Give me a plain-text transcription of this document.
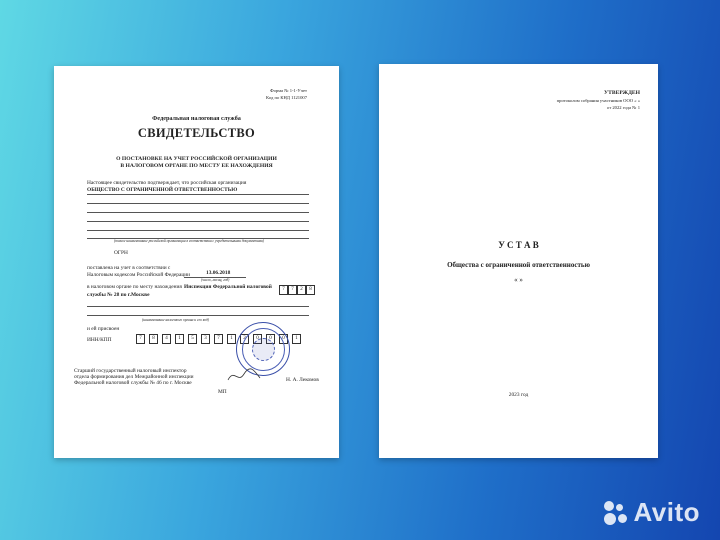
Форма № 1-1-Учет
Код по КНД 1121007
Федеральная налоговая служба
СВИДЕТЕЛЬСТВО
О ПОСТАНОВКЕ НА УЧЕТ РОССИЙСКОЙ ОРГАНИЗАЦИИ
В НАЛОГОВОМ ОРГАНЕ ПО МЕСТУ ЕЕ НАХОЖДЕНИЯ
Настоящее свидетельство подтверждает, что российская организация
ОБЩЕСТВО С ОГРАНИЧЕННОЙ ОТВЕТСТВЕННОСТЬЮ
(полное наименование российской организации в соответствии с учредительными документами)
ОГРН
поставлена на учет в соответствии с
Налоговым кодексом Российской Федерации	13.06.2018
(число, месяц, год)
в налоговом органе по месту нахождения Инспекция Федеральной налоговой
службы № 28 по г.Москве
7	7	2	8
(наименование налогового органа и его код)
и ей присвоен
ИНН/КПП	7	8	4	1	5	3	7	1	2	0	0	0	1
Старший государственный налоговый инспектор
отдела формирования дел Межрайонной инспекции
Федеральной налоговой службы № 46 по г. Москве	Н. А. Лекомов
МП
УТВЕРЖДЕН
протоколом собрания участников ООО « »
от 2022 года № 1
У С Т А В
Общества с ограниченной ответственностью
« »
2023 год
Avito
